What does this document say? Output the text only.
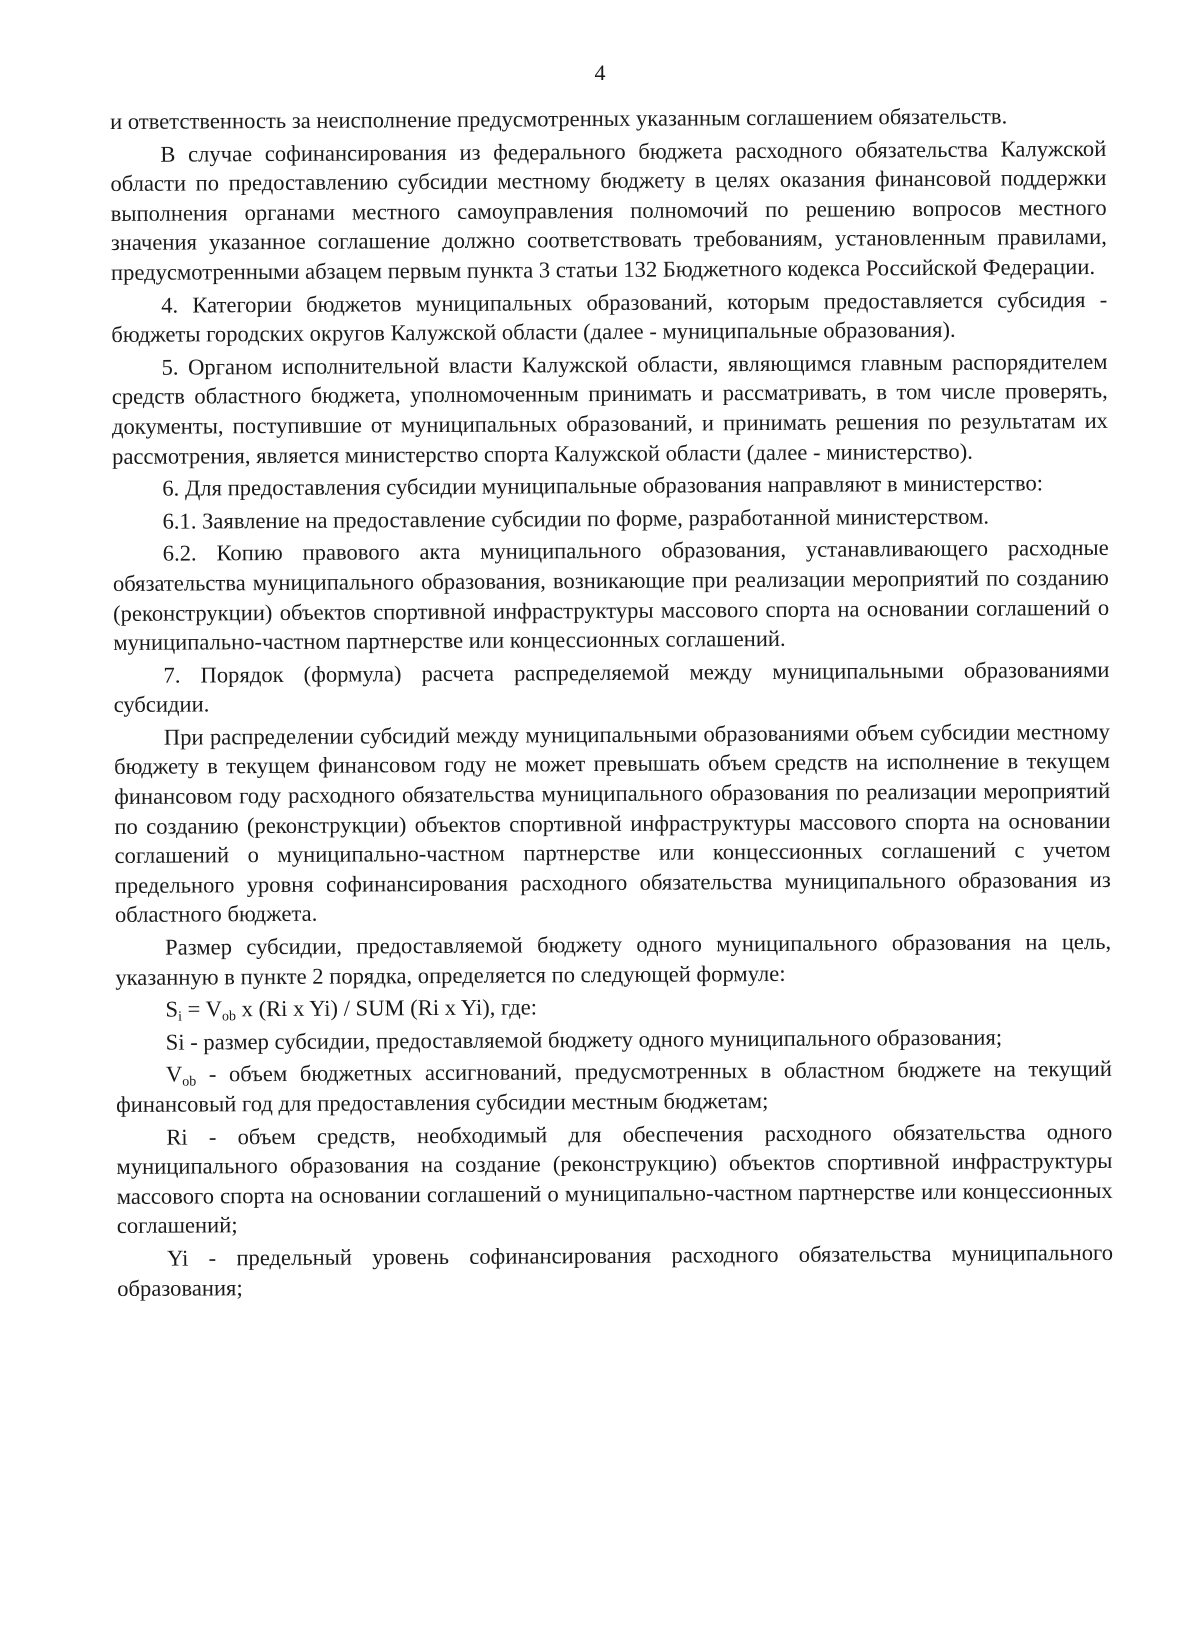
4

и ответственность за неисполнение предусмотренных указанным соглашением обязательств.

В случае софинансирования из федерального бюджета расходного обязательства Калужской области по предоставлению субсидии местному бюджету в целях оказания финансовой поддержки выполнения органами местного самоуправления полномочий по решению вопросов местного значения указанное соглашение должно соответствовать требованиям, установленным правилами, предусмотренными абзацем первым пункта 3 статьи 132 Бюджетного кодекса Российской Федерации.

4. Категории бюджетов муниципальных образований, которым предоставляется субсидия - бюджеты городских округов Калужской области (далее - муниципальные образования).

5. Органом исполнительной власти Калужской области, являющимся главным распорядителем средств областного бюджета, уполномоченным принимать и рассматривать, в том числе проверять, документы, поступившие от муниципальных образований, и принимать решения по результатам их рассмотрения, является министерство спорта Калужской области (далее - министерство).

6. Для предоставления субсидии муниципальные образования направляют в министерство:

6.1. Заявление на предоставление субсидии по форме, разработанной министерством.

6.2. Копию правового акта муниципального образования, устанавливающего расходные обязательства муниципального образования, возникающие при реализации мероприятий по созданию (реконструкции) объектов спортивной инфраструктуры массового спорта на основании соглашений о муниципально-частном партнерстве или концессионных соглашений.

7. Порядок (формула) расчета распределяемой между муниципальными образованиями субсидии.

При распределении субсидий между муниципальными образованиями объем субсидии местному бюджету в текущем финансовом году не может превышать объем средств на исполнение в текущем финансовом году расходного обязательства муниципального образования по реализации мероприятий по созданию (реконструкции) объектов спортивной инфраструктуры массового спорта на основании соглашений о муниципально-частном партнерстве или концессионных соглашений с учетом предельного уровня софинансирования расходного обязательства муниципального образования из областного бюджета.

Размер субсидии, предоставляемой бюджету одного муниципального образования на цель, указанную в пункте 2 порядка, определяется по следующей формуле:

$S_i = V_{ob}$ x (Ri x Yi) / SUM (Ri x Yi), где:

Si - размер субсидии, предоставляемой бюджету одного муниципального образования;

$V_{ob}$ - объем бюджетных ассигнований, предусмотренных в областном бюджете на текущий финансовый год для предоставления субсидии местным бюджетам;

Ri - объем средств, необходимый для обеспечения расходного обязательства одного муниципального образования на создание (реконструкцию) объектов спортивной инфраструктуры массового спорта на основании соглашений о муниципально-частном партнерстве или концессионных соглашений;

Yi - предельный уровень софинансирования расходного обязательства муниципального образования;
